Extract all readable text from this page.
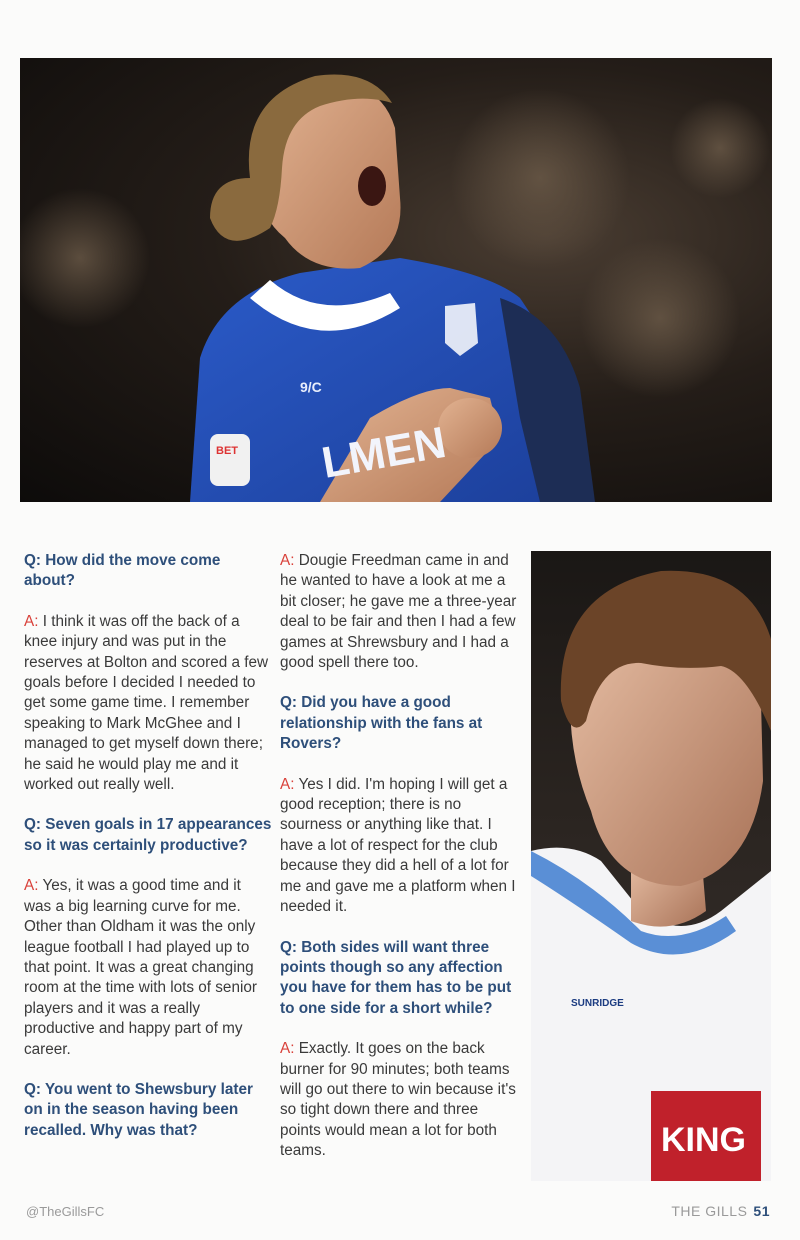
BET
9/C
LMEN
SUNRIDGE
KING

Q: How did the move come about?

A: I think it was off the back of a knee injury and was put in the reserves at Bolton and scored a few goals before I decided I needed to get some game time. I remember speaking to Mark McGhee and I managed to get myself down there; he said he would play me and it worked out really well.

Q: Seven goals in 17 appearances so it was certainly productive?

A: Yes, it was a good time and it was a big learning curve for me. Other than Oldham it was the only league football I had played up to that point. It was a great changing room at the time with lots of senior players and it was a really productive and happy part of my career.

Q: You went to Shewsbury later on in the season having been recalled. Why was that?

A: Dougie Freedman came in and he wanted to have a look at me a bit closer; he gave me a three-year deal to be fair and then I had a few games at Shrewsbury and I had a good spell there too.

Q: Did you have a good relationship with the fans at Rovers?

A: Yes I did. I'm hoping I will get a good reception; there is no sourness or anything like that. I have a lot of respect for the club because they did a hell of a lot for me and gave me a platform when I needed it.

Q: Both sides will want three points though so any affection you have for them has to be put to one side for a short while?

A: Exactly. It goes on the back burner for 90 minutes; both teams will go out there to win because it's so tight down there and three points would mean a lot for both teams.

@TheGillsFC	THE GILLS 51
